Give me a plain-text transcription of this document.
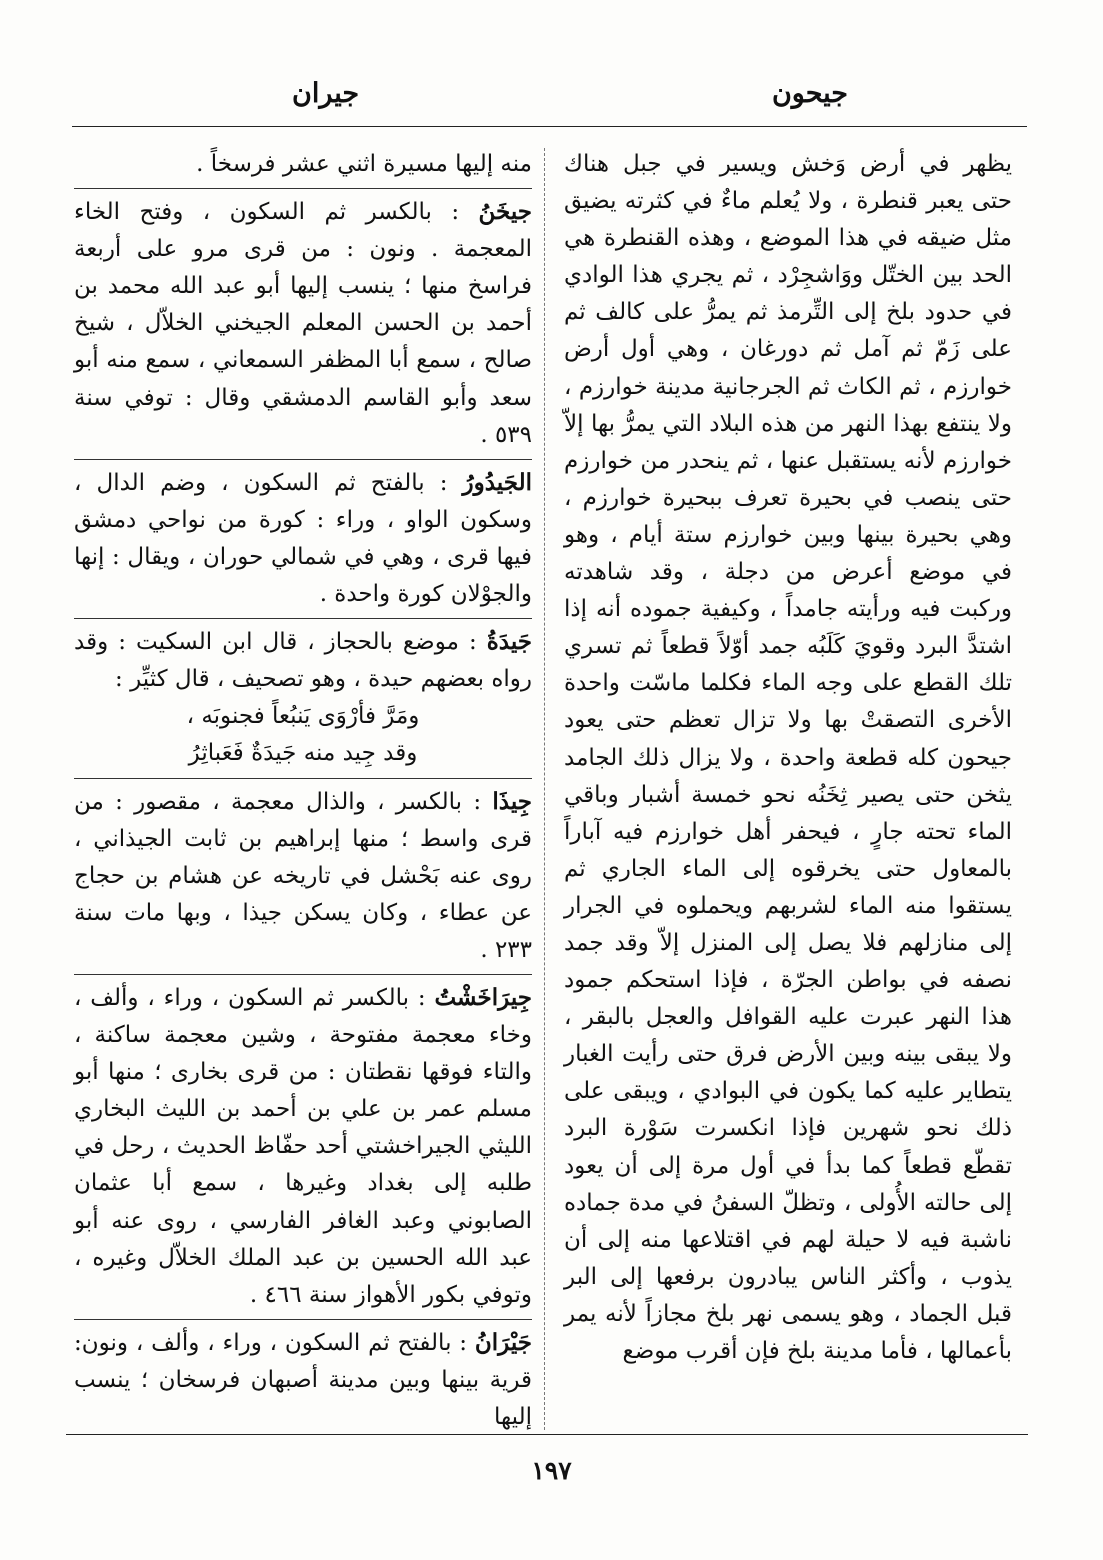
جيحون
جيران

يظهر في أرض وَخش ويسير في جبل هناك حتى يعبر قنطرة ، ولا يُعلم ماءٌ في كثرته يضيق مثل ضيقه في هذا الموضع ، وهذه القنطرة هي الحد بين الختّل ووَاشجِرْد ، ثم يجري هذا الوادي في حدود بلخ إلى التِّرمذ ثم يمرُّ على كالف ثم على زَمّ ثم آمل ثم دورغان ، وهي أول أرض خوارزم ، ثم الكاث ثم الجرجانية مدينة خوارزم ، ولا ينتفع بهذا النهر من هذه البلاد التي يمرُّ بها إلاّ خوارزم لأنه يستقبل عنها ، ثم ينحدر من خوارزم حتى ينصب في بحيرة تعرف ببحيرة خوارزم ، وهي بحيرة بينها وبين خوارزم ستة أيام ، وهو في موضع أعرض من دجلة ، وقد شاهدته وركبت فيه ورأيته جامداً ، وكيفية جموده أنه إذا اشتدَّ البرد وقويَ كَلَبُه جمد أوّلاً قطعاً ثم تسري تلك القطع على وجه الماء فكلما ماسّت واحدة الأخرى التصقتْ بها ولا تزال تعظم حتى يعود جيحون كله قطعة واحدة ، ولا يزال ذلك الجامد يثخن حتى يصير ثِخَنُه نحو خمسة أشبار وباقي الماء تحته جارٍ ، فيحفر أهل خوارزم فيه آباراً بالمعاول حتى يخرقوه إلى الماء الجاري ثم يستقوا منه الماء لشربهم ويحملوه في الجرار إلى منازلهم فلا يصل إلى المنزل إلاّ وقد جمد نصفه في بواطن الجرّة ، فإذا استحكم جمود هذا النهر عبرت عليه القوافل والعجل بالبقر ، ولا يبقى بينه وبين الأرض فرق حتى رأيت الغبار يتطاير عليه كما يكون في البوادي ، ويبقى على ذلك نحو شهرين فإذا انكسرت سَوْرة البرد تقطّع قطعاً كما بدأ في أول مرة إلى أن يعود إلى حالته الأُولى ، وتظلّ السفنُ في مدة جماده ناشبة فيه لا حيلة لهم في اقتلاعها منه إلى أن يذوب ، وأكثر الناس يبادرون برفعها إلى البر قبل الجماد ، وهو يسمى نهر بلخ مجازاً لأنه يمر بأعمالها ، فأما مدينة بلخ فإن أقرب موضع

منه إليها مسيرة اثني عشر فرسخاً .

جيخَنُ : بالكسر ثم السكون ، وفتح الخاء المعجمة . ونون : من قرى مرو على أربعة فراسخ منها ؛ ينسب إليها أبو عبد الله محمد بن أحمد بن الحسن المعلم الجيخني الخلاّل ، شيخ صالح ، سمع أبا المظفر السمعاني ، سمع منه أبو سعد وأبو القاسم الدمشقي وقال : توفي سنة ٥٣٩ .

الجَيدُورُ : بالفتح ثم السكون ، وضم الدال ، وسكون الواو ، وراء : كورة من نواحي دمشق فيها قرى ، وهي في شمالي حوران ، ويقال : إنها والجوْلان كورة واحدة .

جَيدَةُ : موضع بالحجاز ، قال ابن السكيت : وقد رواه بعضهم حيدة ، وهو تصحيف ، قال كثيِّر :

ومَرَّ فأرْوَى يَنبُعاً فجنوبَه ،

وقد جِيد منه جَيدَةٌ فَعَباثِرُ

جِيذَا : بالكسر ، والذال معجمة ، مقصور : من قرى واسط ؛ منها إبراهيم بن ثابت الجيذاني ، روى عنه بَحْشل في تاريخه عن هشام بن حجاج عن عطاء ، وكان يسكن جيذا ، وبها مات سنة ٢٣٣ .

جِيرَاخَشْتُ : بالكسر ثم السكون ، وراء ، وألف ، وخاء معجمة مفتوحة ، وشين معجمة ساكنة ، والتاء فوقها نقطتان : من قرى بخارى ؛ منها أبو مسلم عمر بن علي بن أحمد بن الليث البخاري الليثي الجيراخشتي أحد حفّاظ الحديث ، رحل في طلبه إلى بغداد وغيرها ، سمع أبا عثمان الصابوني وعبد الغافر الفارسي ، روى عنه أبو عبد الله الحسين بن عبد الملك الخلاّل وغيره ، وتوفي بكور الأهواز سنة ٤٦٦ .

جَيْرَانُ : بالفتح ثم السكون ، وراء ، وألف ، ونون: قرية بينها وبين مدينة أصبهان فرسخان ؛ ينسب إليها

١٩٧
